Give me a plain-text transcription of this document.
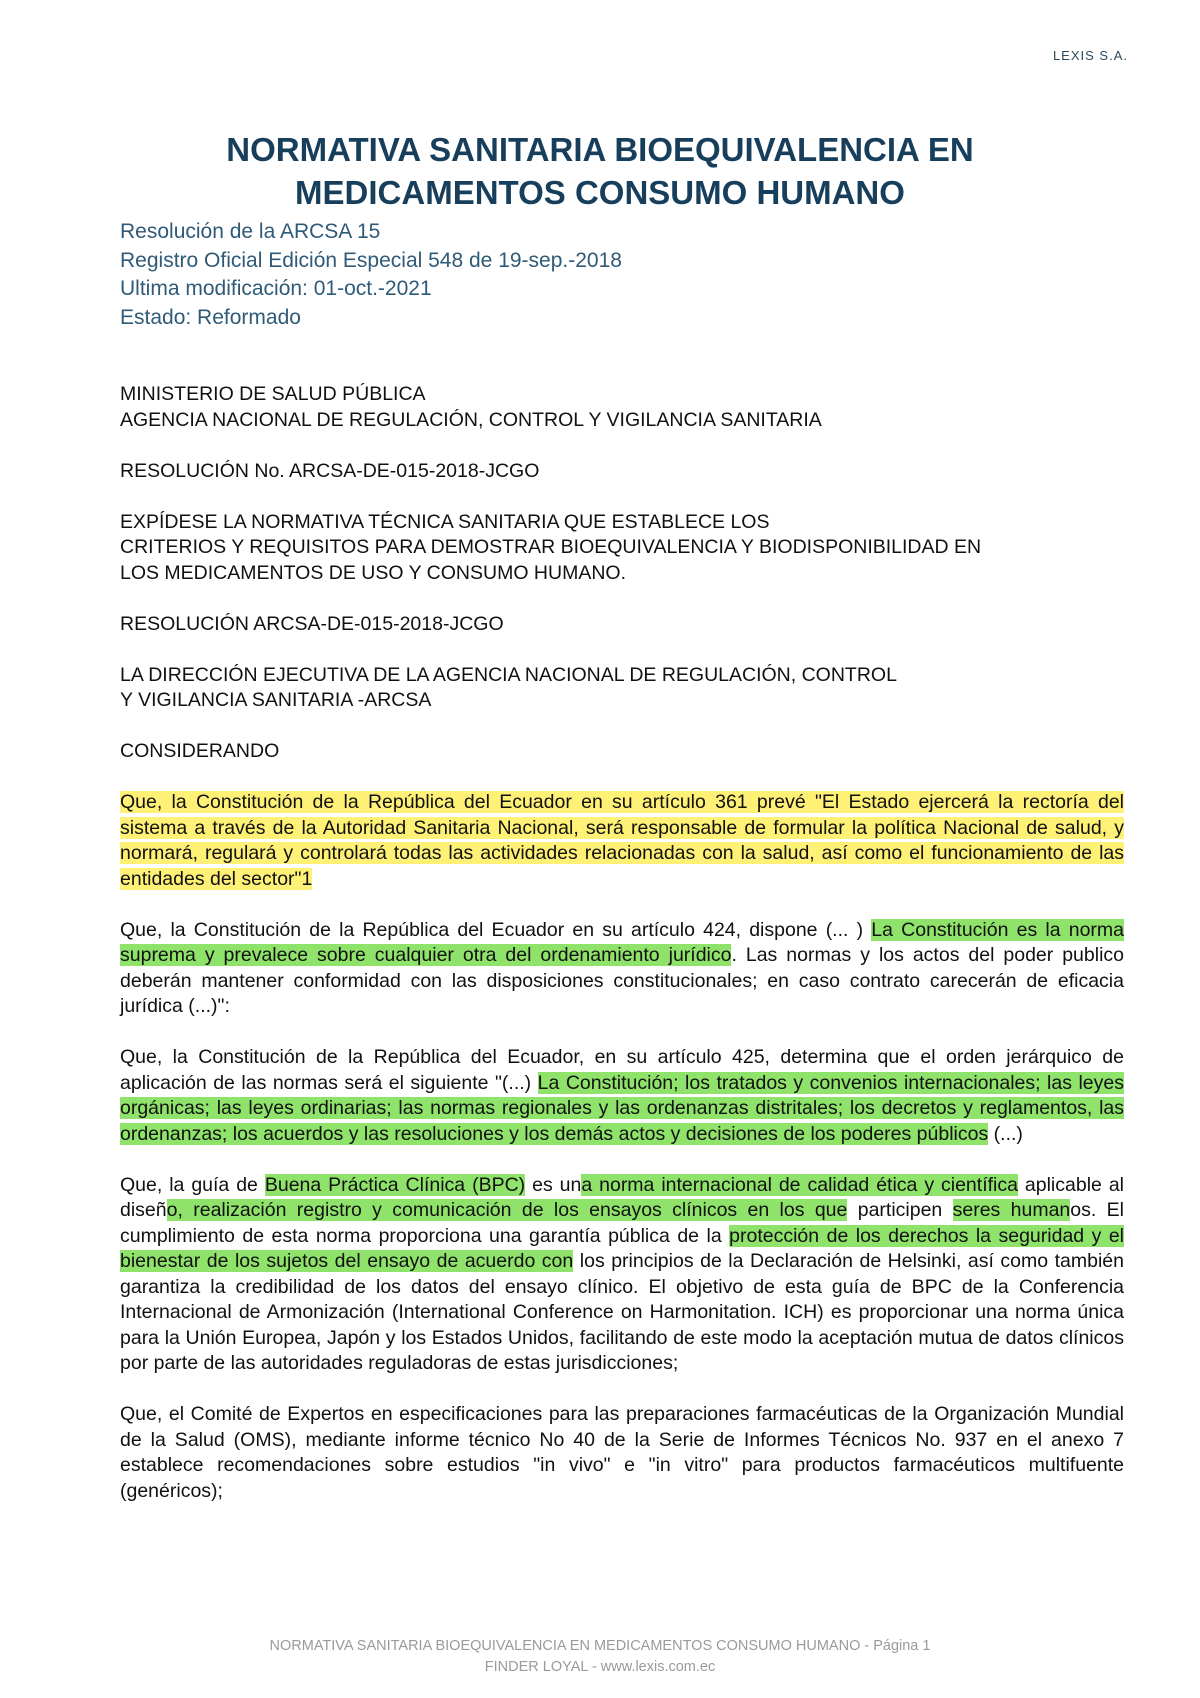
LEXIS S.A.
NORMATIVA SANITARIA BIOEQUIVALENCIA EN
MEDICAMENTOS CONSUMO HUMANO
Resolución de la ARCSA 15
Registro Oficial Edición Especial 548 de 19-sep.-2018
Ultima modificación: 01-oct.-2021
Estado: Reformado

MINISTERIO DE SALUD PÚBLICA
AGENCIA NACIONAL DE REGULACIÓN, CONTROL Y VIGILANCIA SANITARIA

RESOLUCIÓN No. ARCSA-DE-015-2018-JCGO

EXPÍDESE LA NORMATIVA TÉCNICA SANITARIA QUE ESTABLECE LOS
CRITERIOS Y REQUISITOS PARA DEMOSTRAR BIOEQUIVALENCIA Y BIODISPONIBILIDAD EN
LOS MEDICAMENTOS DE USO Y CONSUMO HUMANO.

RESOLUCIÓN ARCSA-DE-015-2018-JCGO

LA DIRECCIÓN EJECUTIVA DE LA AGENCIA NACIONAL DE REGULACIÓN, CONTROL
Y VIGILANCIA SANITARIA -ARCSA

CONSIDERANDO

Que, la Constitución de la República del Ecuador en su artículo 361 prevé "El Estado ejercerá la rectoría del sistema a través de la Autoridad Sanitaria Nacional, será responsable de formular la política Nacional de salud, y normará, regulará y controlará todas las actividades relacionadas con la salud, así como el funcionamiento de las entidades del sector"1

Que, la Constitución de la República del Ecuador en su artículo 424, dispone (... ) La Constitución es la norma suprema y prevalece sobre cualquier otra del ordenamiento jurídico. Las normas y los actos del poder publico deberán mantener conformidad con las disposiciones constitucionales; en caso contrato carecerán de eficacia jurídica (...)":

Que, la Constitución de la República del Ecuador, en su artículo 425, determina que el orden jerárquico de aplicación de las normas será el siguiente "(...) La Constitución; los tratados y convenios internacionales; las leyes orgánicas; las leyes ordinarias; las normas regionales y las ordenanzas distritales; los decretos y reglamentos, las ordenanzas; los acuerdos y las resoluciones y los demás actos y decisiones de los poderes públicos (...)

Que, la guía de Buena Práctica Clínica (BPC) es una norma internacional de calidad ética y científica aplicable al diseño, realización registro y comunicación de los ensayos clínicos en los que participen seres humanos. El cumplimiento de esta norma proporciona una garantía pública de la protección de los derechos la seguridad y el bienestar de los sujetos del ensayo de acuerdo con los principios de la Declaración de Helsinki, así como también garantiza la credibilidad de los datos del ensayo clínico. El objetivo de esta guía de BPC de la Conferencia Internacional de Armonización (International Conference on Harmonitation. ICH) es proporcionar una norma única para la Unión Europea, Japón y los Estados Unidos, facilitando de este modo la aceptación mutua de datos clínicos por parte de las autoridades reguladoras de estas jurisdicciones;

Que, el Comité de Expertos en especificaciones para las preparaciones farmacéuticas de la Organización Mundial de la Salud (OMS), mediante informe técnico No 40 de la Serie de Informes Técnicos No. 937 en el anexo 7 establece recomendaciones sobre estudios "in vivo" e "in vitro" para productos farmacéuticos multifuente (genéricos);

NORMATIVA SANITARIA BIOEQUIVALENCIA EN MEDICAMENTOS CONSUMO HUMANO - Página 1
FINDER LOYAL - www.lexis.com.ec
